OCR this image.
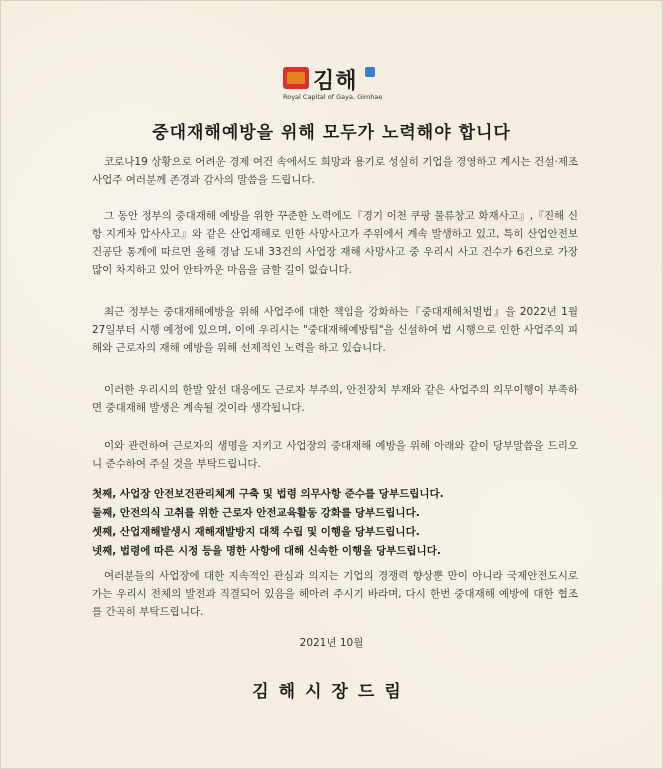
김해
Royal Capital of Gaya, Gimhae
중대재해예방을 위해 모두가 노력해야 합니다

코로나19 상황으로 어려운 경제 여건 속에서도 희망과 용기로 성실히 기업을 경영하고 계시는 건설·제조 사업주 여러분께 존경과 감사의 말씀을 드립니다.

그 동안 정부의 중대재해 예방을 위한 꾸준한 노력에도『경기 이천 쿠팡 물류창고 화재사고』,『진해 신항 지게차 압사사고』와 같은 산업재해로 인한 사망사고가 주위에서 계속 발생하고 있고, 특히 산업안전보건공단 통계에 따르면 올해 경남 도내 33건의 사업장 재해 사망사고 중 우리시 사고 건수가 6건으로 가장 많이 차지하고 있어 안타까운 마음을 금할 길이 없습니다.

최근 정부는 중대재해예방을 위해 사업주에 대한 책임을 강화하는『중대재해처벌법』을 2022년 1월 27일부터 시행 예정에 있으며, 이에 우리시는 "중대재해예방팀"을 신설하여 법 시행으로 인한 사업주의 피해와 근로자의 재해 예방을 위해 선제적인 노력을 하고 있습니다.

이러한 우리시의 한발 앞선 대응에도 근로자 부주의, 안전장치 부재와 같은 사업주의 의무이행이 부족하면 중대재해 발생은 계속될 것이라 생각됩니다.

이와 관련하여 근로자의 생명을 지키고 사업장의 중대재해 예방을 위해 아래와 같이 당부말씀을 드리오니 준수하여 주실 것을 부탁드립니다.

첫째, 사업장 안전보건관리체계 구축 및 법령 의무사항 준수를 당부드립니다.
둘째, 안전의식 고취를 위한 근로자 안전교육활동 강화를 당부드립니다.
셋째, 산업재해발생시 재해재발방지 대책 수립 및 이행을 당부드립니다.
넷째, 법령에 따른 시정 등을 명한 사항에 대해 신속한 이행을 당부드립니다.

여러분들의 사업장에 대한 지속적인 관심과 의지는 기업의 경쟁력 향상뿐 만이 아니라 국제안전도시로 가는 우리시 전체의 발전과 직결되어 있음을 헤아려 주시기 바라며, 다시 한번 중대재해 예방에 대한 협조를 간곡히 부탁드립니다.

2021년 10월
김해시장드림
